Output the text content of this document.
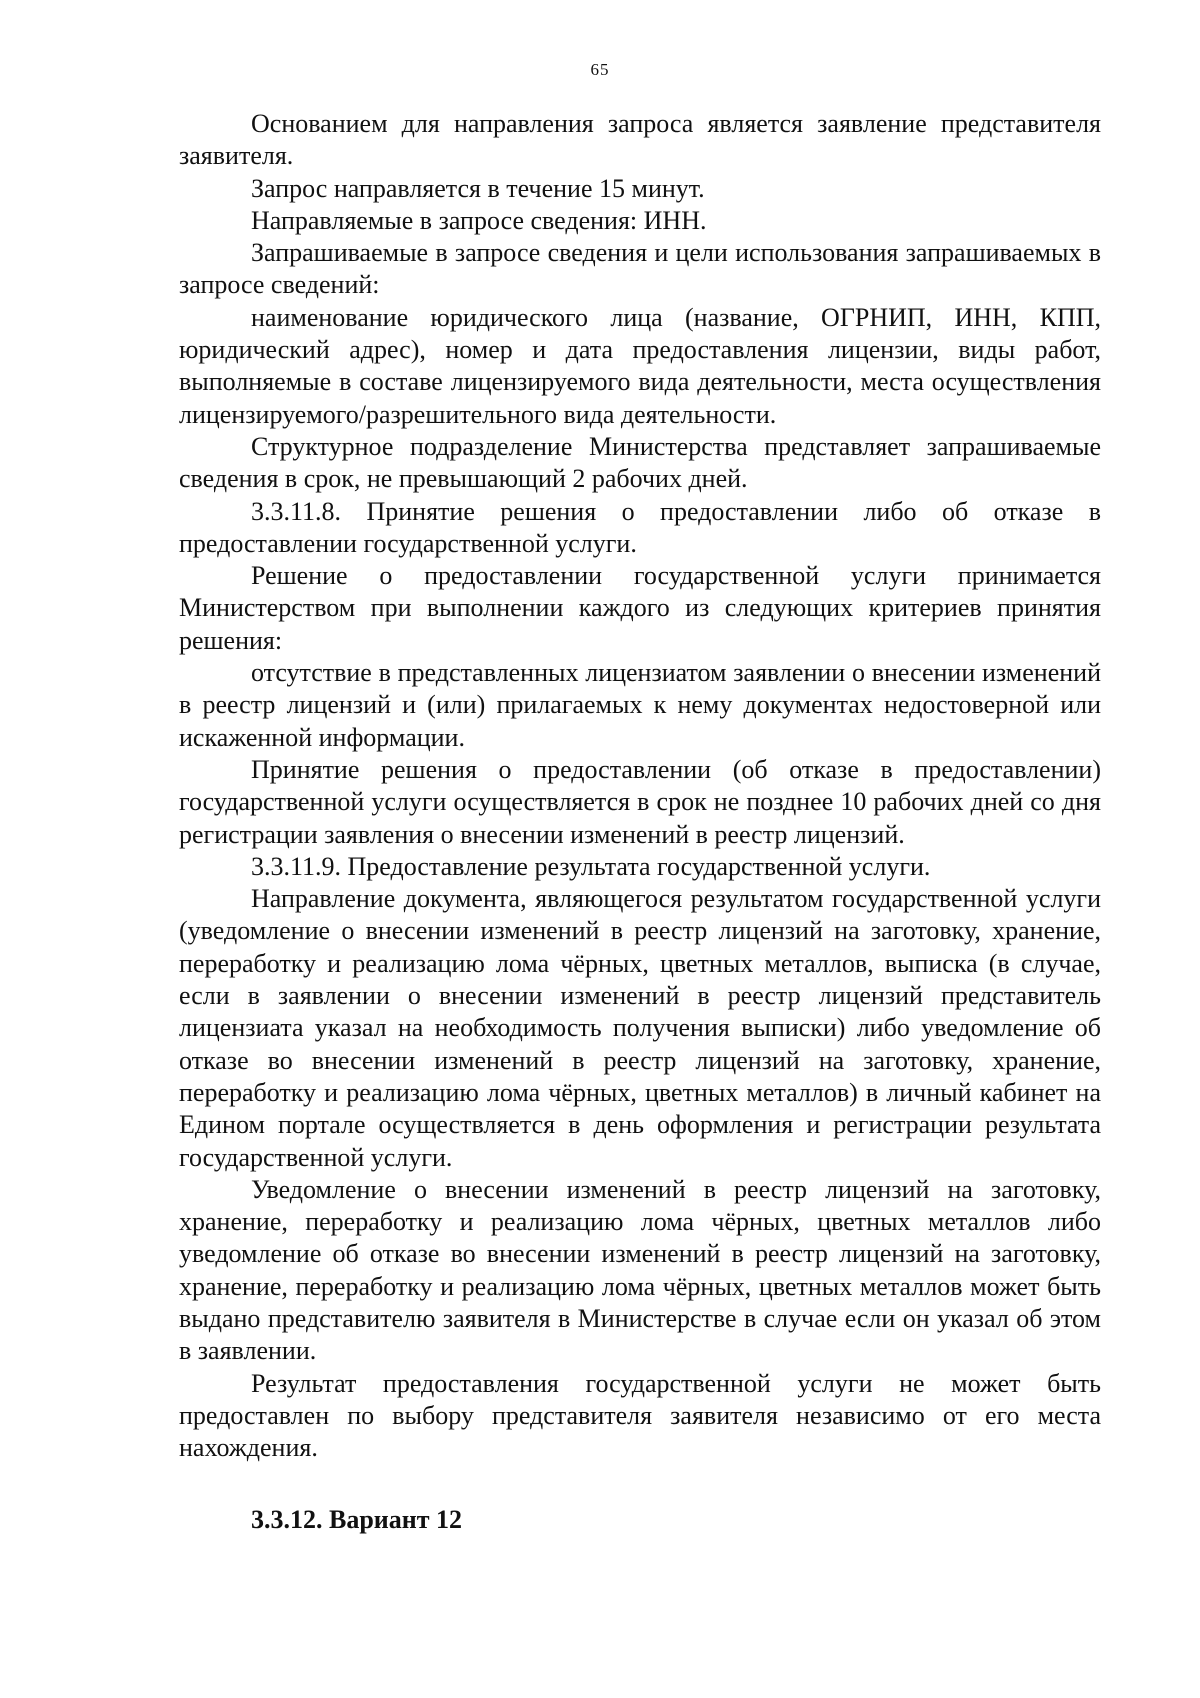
65

Основанием для направления запроса является заявление представителя заявителя.

Запрос направляется в течение 15 минут.

Направляемые в запросе сведения: ИНН.

Запрашиваемые в запросе сведения и цели использования запрашиваемых в запросе сведений:

наименование юридического лица (название, ОГРНИП, ИНН, КПП, юридический адрес), номер и дата предоставления лицензии, виды работ, выполняемые в составе лицензируемого вида деятельности, места осуществления лицензируемого/разрешительного вида деятельности.

Структурное подразделение Министерства представляет запрашиваемые сведения в срок, не превышающий 2 рабочих дней.

3.3.11.8. Принятие решения о предоставлении либо об отказе в предоставлении государственной услуги.

Решение о предоставлении государственной услуги принимается Министерством при выполнении каждого из следующих критериев принятия решения:

отсутствие в представленных лицензиатом заявлении о внесении изменений в реестр лицензий и (или) прилагаемых к нему документах недостоверной или искаженной информации.

Принятие решения о предоставлении (об отказе в предоставлении) государственной услуги осуществляется в срок не позднее 10 рабочих дней со дня регистрации заявления о внесении изменений в реестр лицензий.

3.3.11.9. Предоставление результата государственной услуги.

Направление документа, являющегося результатом государственной услуги (уведомление о внесении изменений в реестр лицензий на заготовку, хранение, переработку и реализацию лома чёрных, цветных металлов, выписка (в случае, если в заявлении о внесении изменений в реестр лицензий представитель лицензиата указал на необходимость получения выписки) либо уведомление об отказе во внесении изменений в реестр лицензий на заготовку, хранение, переработку и реализацию лома чёрных, цветных металлов) в личный кабинет на Едином портале осуществляется в день оформления и регистрации результата государственной услуги.

Уведомление о внесении изменений в реестр лицензий на заготовку, хранение, переработку и реализацию лома чёрных, цветных металлов либо уведомление об отказе во внесении изменений в реестр лицензий на заготовку, хранение, переработку и реализацию лома чёрных, цветных металлов может быть выдано представителю заявителя в Министерстве в случае если он указал об этом в заявлении.

Результат предоставления государственной услуги не может быть предоставлен по выбору представителя заявителя независимо от его места нахождения.

3.3.12. Вариант 12
